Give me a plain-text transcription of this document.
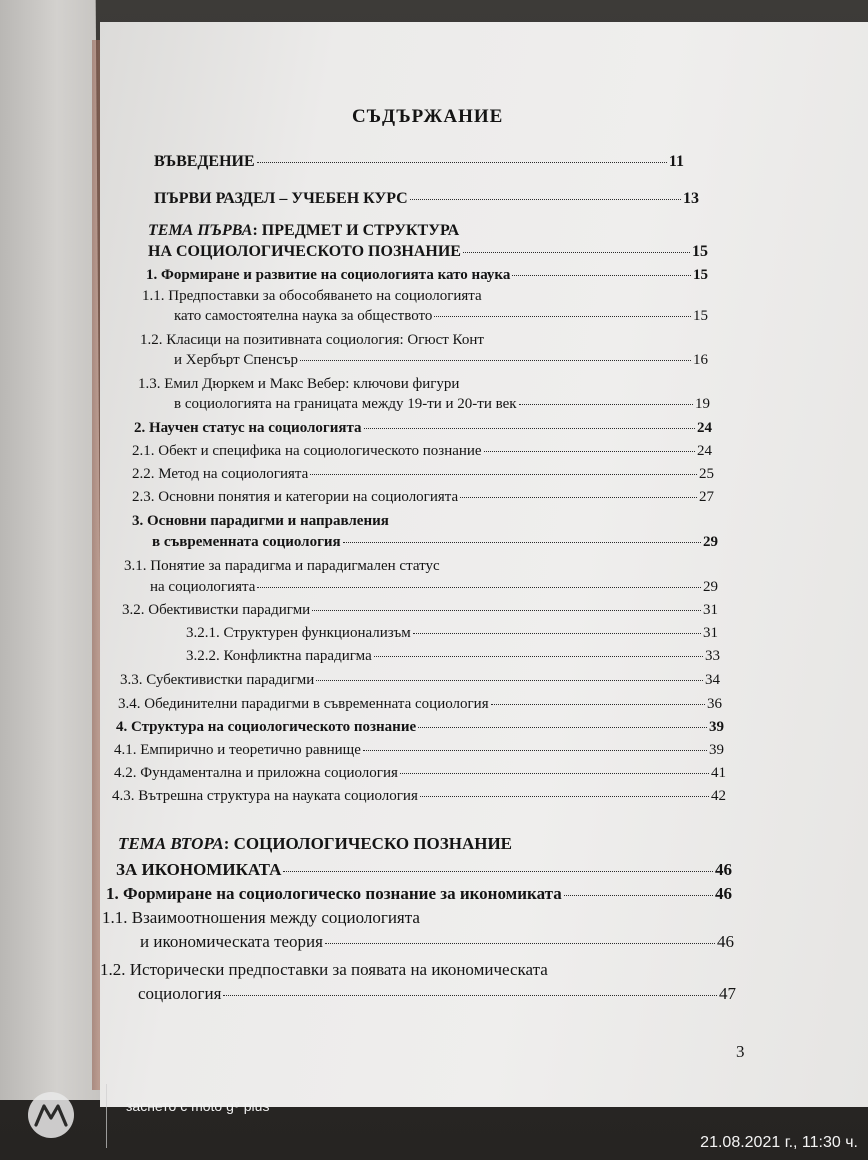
СЪДЪРЖАНИЕ
ВЪВЕДЕНИЕ	11
ПЪРВИ РАЗДЕЛ – УЧЕБЕН КУРС	13
ТЕМА ПЪРВА: ПРЕДМЕТ И СТРУКТУРА
НА СОЦИОЛОГИЧЕСКОТО ПОЗНАНИЕ	15
1. Формиране и развитие на социологията като наука	15
1.1. Предпоставки за обособяването на социологията
като самостоятелна наука за обществото	15
1.2. Класици на позитивната социология: Огюст Конт
и Хербърт Спенсър	16
1.3. Емил Дюркем и Макс Вебер: ключови фигури
в социологията на границата между 19-ти и 20-ти век	19
2. Научен статус на социологията	24
2.1. Обект и специфика на социологическото познание	24
2.2. Метод на социологията	25
2.3. Основни понятия и категории на социологията	27
3. Основни парадигми и направления
в съвременната социология	29
3.1. Понятие за парадигма и парадигмален статус
на социологията	29
3.2. Обективистки парадигми	31
3.2.1. Структурен функционализъм	31
3.2.2. Конфликтна парадигма	33
3.3. Субективистки парадигми	34
3.4. Обединителни парадигми в съвременната социология	36
4. Структура на социологическото познание	39
4.1. Емпирично и теоретично равнище	39
4.2. Фундаментална и приложна социология	41
4.3. Вътрешна структура на науката социология	42
ТЕМА ВТОРА: СОЦИОЛОГИЧЕСКО ПОЗНАНИЕ
ЗА ИКОНОМИКАТА	46
1. Формиране на социологическо познание за икономиката	46
1.1. Взаимоотношения между социологията
и икономическата теория	46
1.2. Исторически предпоставки за появата на икономическата
социология	47
3
заснето с moto g⁹ plus
21.08.2021 г., 11:30 ч.
